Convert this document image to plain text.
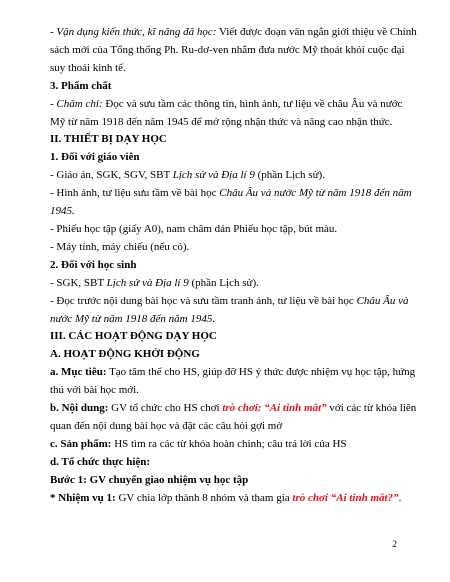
- Vận dụng kiến thức, kĩ năng đã học: Viết được đoạn văn ngắn giới thiệu về Chính
sách mới của Tổng thống Ph. Ru-dơ-ven nhằm đưa nước Mỹ thoát khỏi cuộc đại
suy thoái kinh tế.
3. Phẩm chất
- Chăm chỉ: Đọc và sưu tầm các thông tin, hình ảnh, tư liệu về châu Âu và nước
Mỹ từ năm 1918 đến năm 1945 để mở rộng nhận thức và nâng cao nhận thức.
II. THIẾT BỊ DẠY HỌC
1. Đối với giáo viên
- Giáo án, SGK, SGV, SBT Lịch sử và Địa lí 9 (phần Lịch sử).
- Hình ảnh, tư liệu sưu tầm về bài học Châu Âu và nước Mỹ từ năm 1918 đến năm
1945.
- Phiếu học tập (giấy A0), nam châm dán Phiếu học tập, bút màu.
- Máy tính, máy chiếu (nếu có).
2. Đối với học sinh
- SGK, SBT Lịch sử và Địa lí 9 (phần Lịch sử).
- Đọc trước nội dung bài học và sưu tầm tranh ảnh, tư liệu về bài học Châu Âu và
nước Mỹ từ năm 1918 đến năm 1945.
III. CÁC HOẠT ĐỘNG DẠY HỌC
A. HOẠT ĐỘNG KHỞI ĐỘNG
a. Mục tiêu: Tạo tâm thế cho HS, giúp đỡ HS ý thức được nhiệm vụ học tập, hứng
thú với bài học mới.
b. Nội dung: GV tổ chức cho HS chơi trò chơi: “Ai tinh mắt” với các từ khóa liên
quan đến nội dung bài học và đặt các câu hỏi gợi mở
c. Sản phẩm: HS tìm ra các từ khóa hoàn chỉnh; câu trả lời của HS
d. Tổ chức thực hiện:
Bước 1: GV chuyển giao nhiệm vụ học tập
* Nhiệm vụ 1: GV chia lớp thành 8 nhóm và tham gia trò chơi “Ai tinh mắt?”.
2
